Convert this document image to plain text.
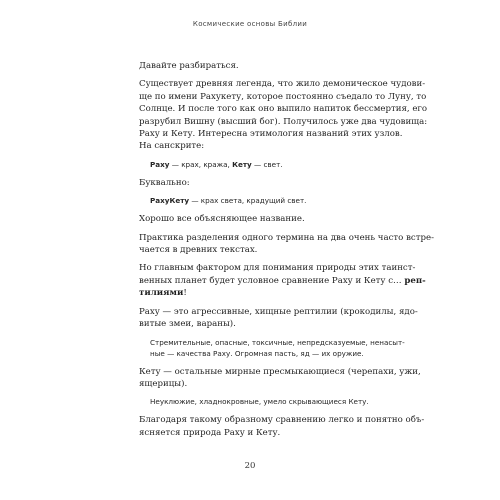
Космические основы Библии
Давайте разбираться.
Существует древняя легенда, что жило демоническое чудови-
ще по имени Рахукету, которое постоянно съедало то Луну, то
Солнце. И после того как оно выпило напиток бессмертия, его
разрубил Вишну (высший бог). Получилось уже два чудовища:
Раху и Кету. Интересна этимология названий этих узлов.
На санскрите:
Раху — крах, кража, Кету — свет.
Буквально:
РахуКету — крах света, крадущий свет.
Хорошо все объясняющее название.
Практика разделения одного термина на два очень часто встре-
чается в древних текстах.
Но главным фактором для понимания природы этих таинст-
венных планет будет условное сравнение Раху и Кету с… реп-
тилиями!
Раху — это агрессивные, хищные рептилии (крокодилы, ядо-
витые змеи, вараны).
Стремительные, опасные, токсичные, непредсказуемые, ненасыт-
ные — качества Раху. Огромная пасть, яд — их оружие.
Кету — остальные мирные пресмыкающиеся (черепахи, ужи,
ящерицы).
Неуклюжие, хладнокровные, умело скрывающиеся Кету.
Благодаря такому образному сравнению легко и понятно объ-
ясняется природа Раху и Кету.
20
